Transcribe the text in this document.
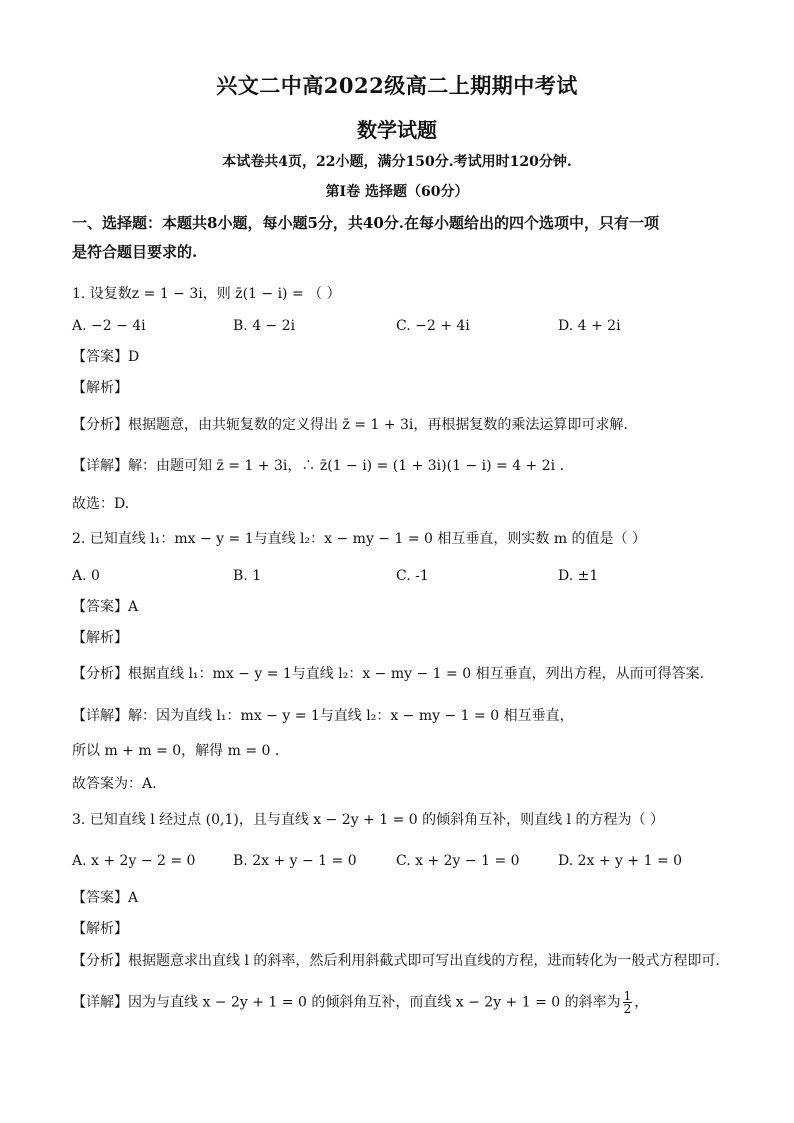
兴文二中高2022级高二上期期中考试
数学试题
本试卷共4页，22小题，满分150分.考试用时120分钟.
第I卷 选择题（60分）
一、选择题：本题共8小题，每小题5分，共40分.在每小题给出的四个选项中，只有一项
是符合题目要求的.
1. 设复数z = 1 − 3i，则 z̄(1 − i) = （ ）
A. −2 − 4i	B. 4 − 2i	C. −2 + 4i	D. 4 + 2i
【答案】D
【解析】
【分析】根据题意，由共轭复数的定义得出 z̄ = 1 + 3i，再根据复数的乘法运算即可求解.
【详解】解：由题可知 z̄ = 1 + 3i，∴ z̄(1 − i) = (1 + 3i)(1 − i) = 4 + 2i .
故选：D.
2. 已知直线 l₁：mx − y = 1与直线 l₂：x − my − 1 = 0 相互垂直，则实数 m 的值是（ ）
A. 0	B. 1	C. -1	D. ±1
【答案】A
【解析】
【分析】根据直线 l₁：mx − y = 1与直线 l₂：x − my − 1 = 0 相互垂直，列出方程，从而可得答案.
【详解】解：因为直线 l₁：mx − y = 1与直线 l₂：x − my − 1 = 0 相互垂直，
所以 m + m = 0，解得 m = 0 .
故答案为：A.
3. 已知直线 l 经过点 (0,1)，且与直线 x − 2y + 1 = 0 的倾斜角互补，则直线 l 的方程为（ ）
A. x + 2y − 2 = 0	B. 2x + y − 1 = 0	C. x + 2y − 1 = 0	D. 2x + y + 1 = 0
【答案】A
【解析】
【分析】根据题意求出直线 l 的斜率，然后利用斜截式即可写出直线的方程，进而转化为一般式方程即可.
【详解】因为与直线 x − 2y + 1 = 0 的倾斜角互补，而直线 x − 2y + 1 = 0 的斜率为 $\frac{1}{2}$ ，
